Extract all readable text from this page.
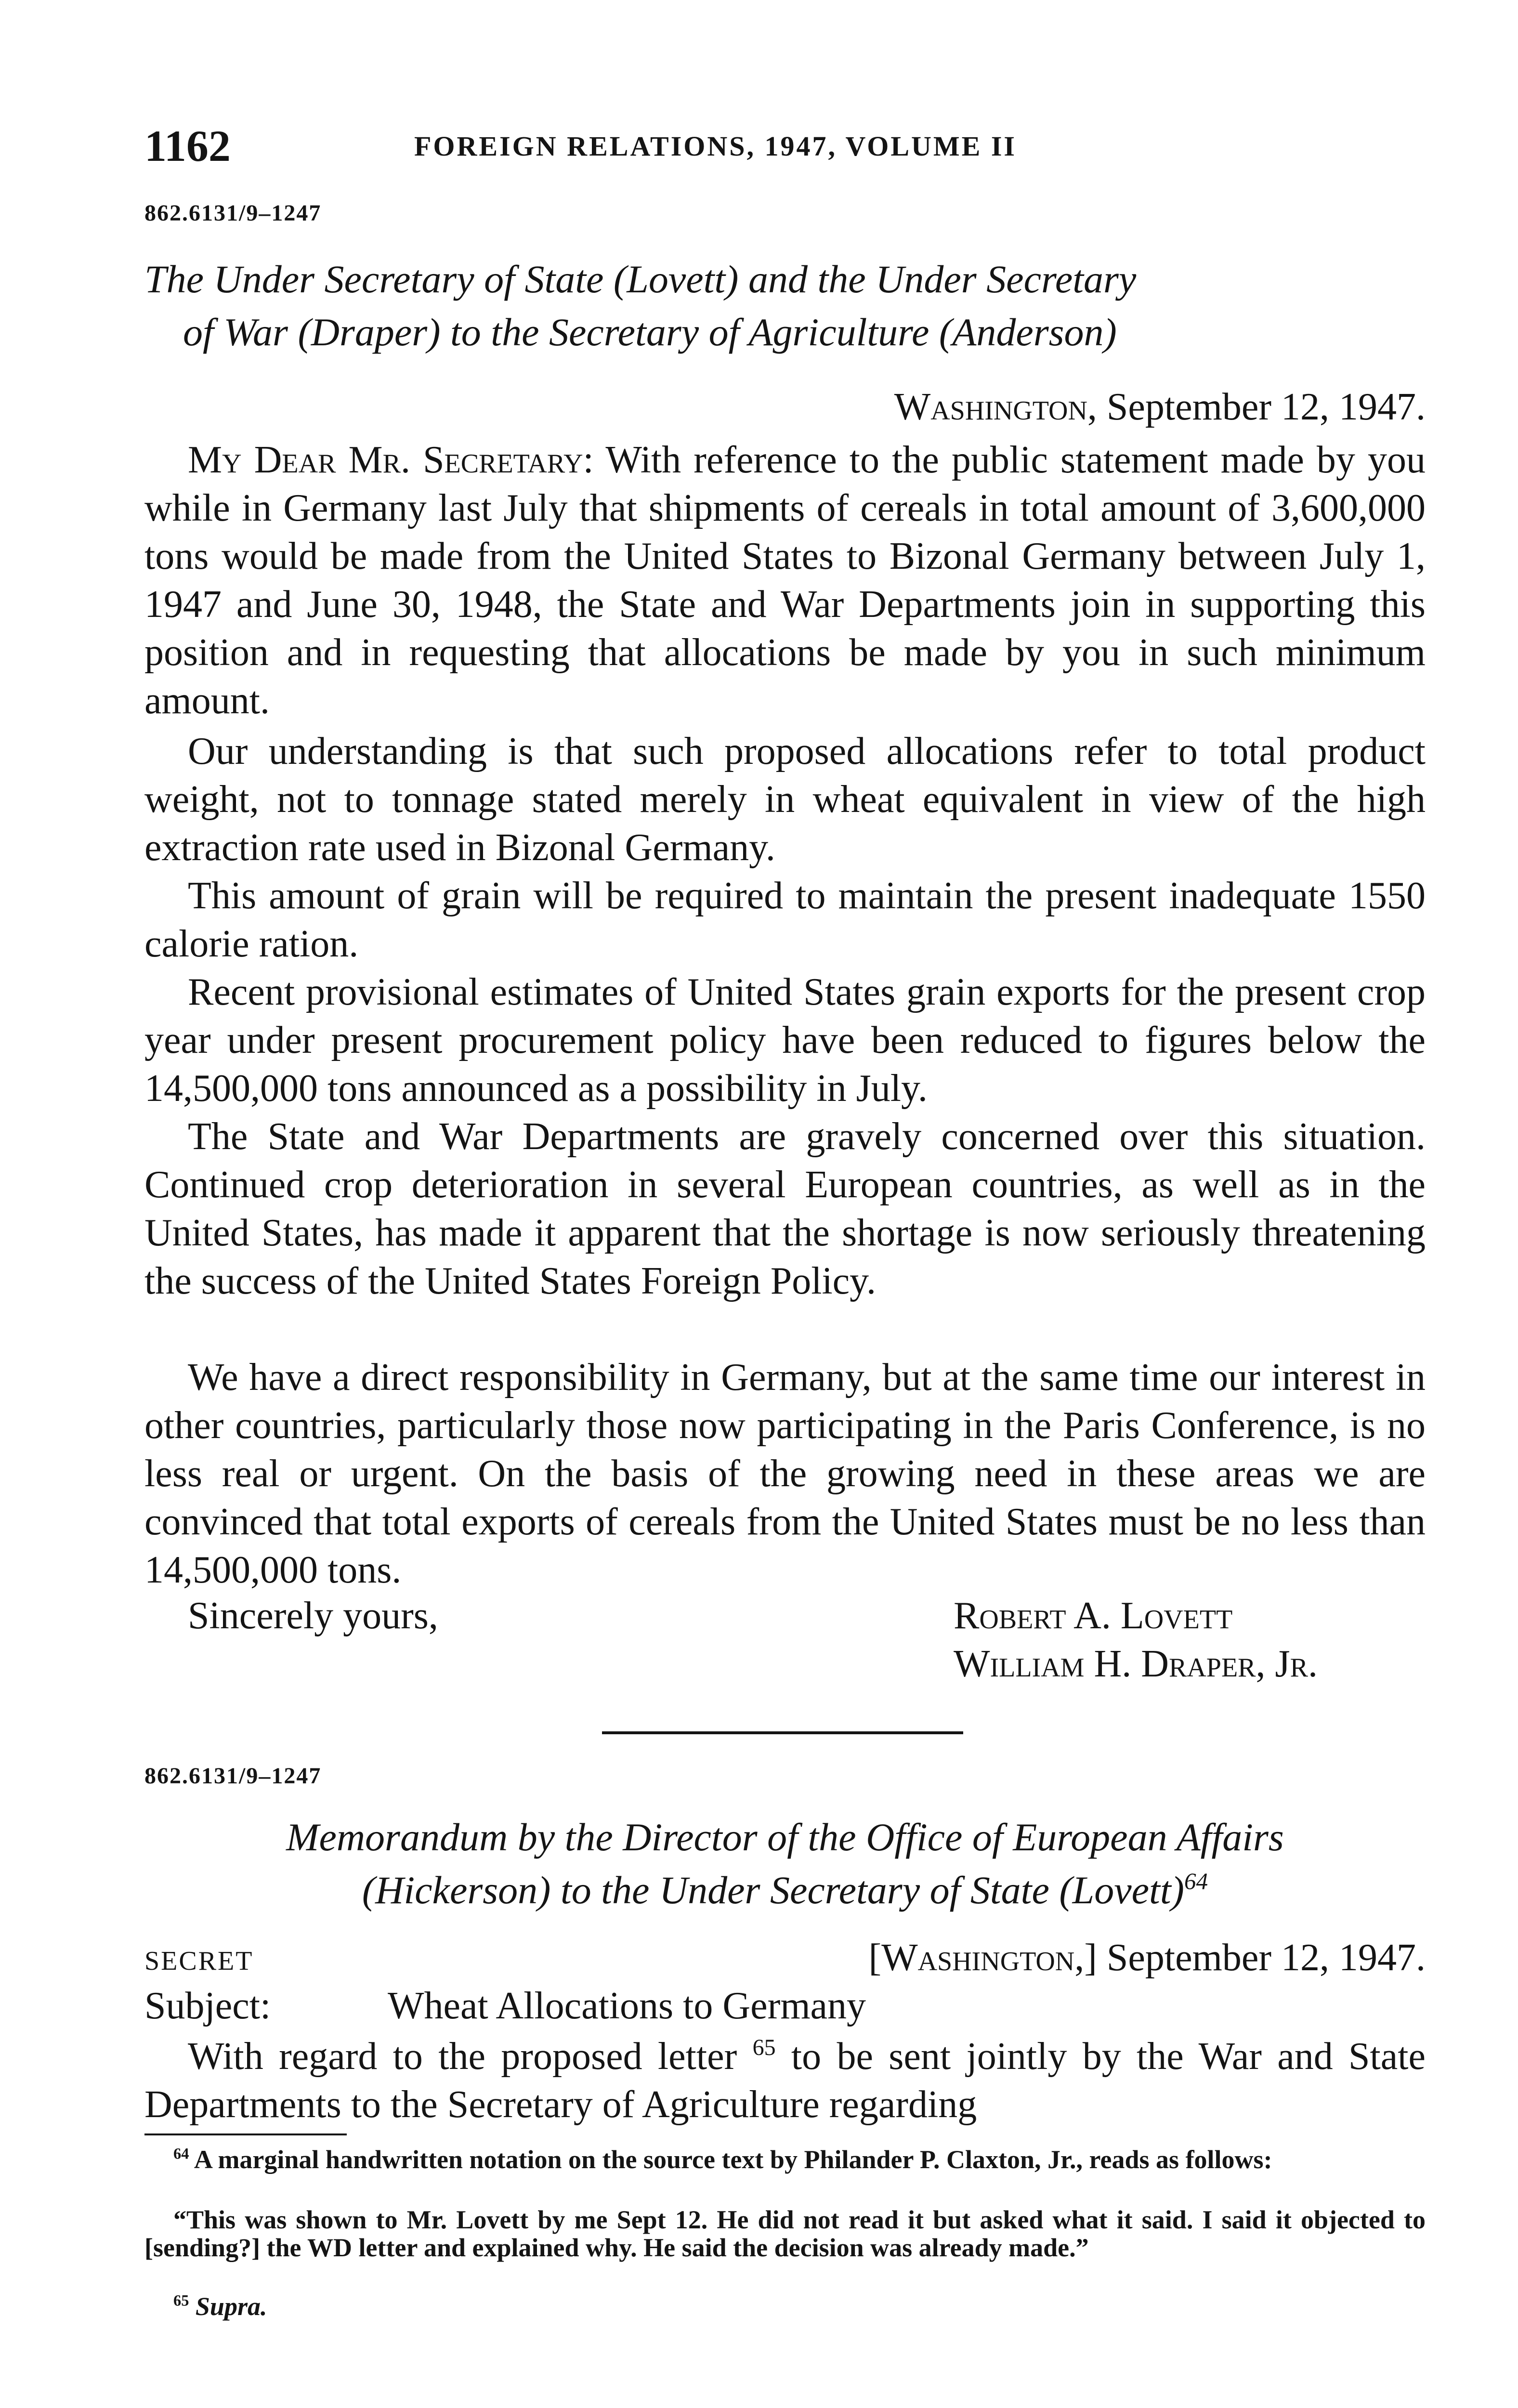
1162	FOREIGN RELATIONS, 1947, VOLUME II
862.6131/9–1247
The Under Secretary of State (Lovett) and the Under Secretary
of War (Draper) to the Secretary of Agriculture (Anderson)
Washington, September 12, 1947.

My Dear Mr. Secretary: With reference to the public statement made by you while in Germany last July that shipments of cereals in total amount of 3,600,000 tons would be made from the United States to Bizonal Germany between July 1, 1947 and June 30, 1948, the State and War Departments join in supporting this position and in requesting that allocations be made by you in such minimum amount.

Our understanding is that such proposed allocations refer to total product weight, not to tonnage stated merely in wheat equivalent in view of the high extraction rate used in Bizonal Germany.

This amount of grain will be required to maintain the present inadequate 1550 calorie ration.

Recent provisional estimates of United States grain exports for the present crop year under present procurement policy have been reduced to figures below the 14,500,000 tons announced as a possibility in July.

The State and War Departments are gravely concerned over this situation. Continued crop deterioration in several European countries, as well as in the United States, has made it apparent that the shortage is now seriously threatening the success of the United States Foreign Policy.

We have a direct responsibility in Germany, but at the same time our interest in other countries, particularly those now participating in the Paris Conference, is no less real or urgent. On the basis of the growing need in these areas we are convinced that total exports of cereals from the United States must be no less than 14,500,000 tons.

Sincerely yours,	Robert A. Lovett
William H. Draper, Jr.
862.6131/9–1247
Memorandum by the Director of the Office of European Affairs
(Hickerson) to the Under Secretary of State (Lovett)$^{64}$
SECRET	[Washington,] September 12, 1947.
Subject:	Wheat Allocations to Germany

With regard to the proposed letter $^{65}$ to be sent jointly by the War and State Departments to the Secretary of Agriculture regarding

$^{64}$ A marginal handwritten notation on the source text by Philander P. Claxton, Jr., reads as follows:

“This was shown to Mr. Lovett by me Sept 12. He did not read it but asked what it said. I said it objected to [sending?] the WD letter and explained why. He said the decision was already made.”

$^{65}$ Supra.
